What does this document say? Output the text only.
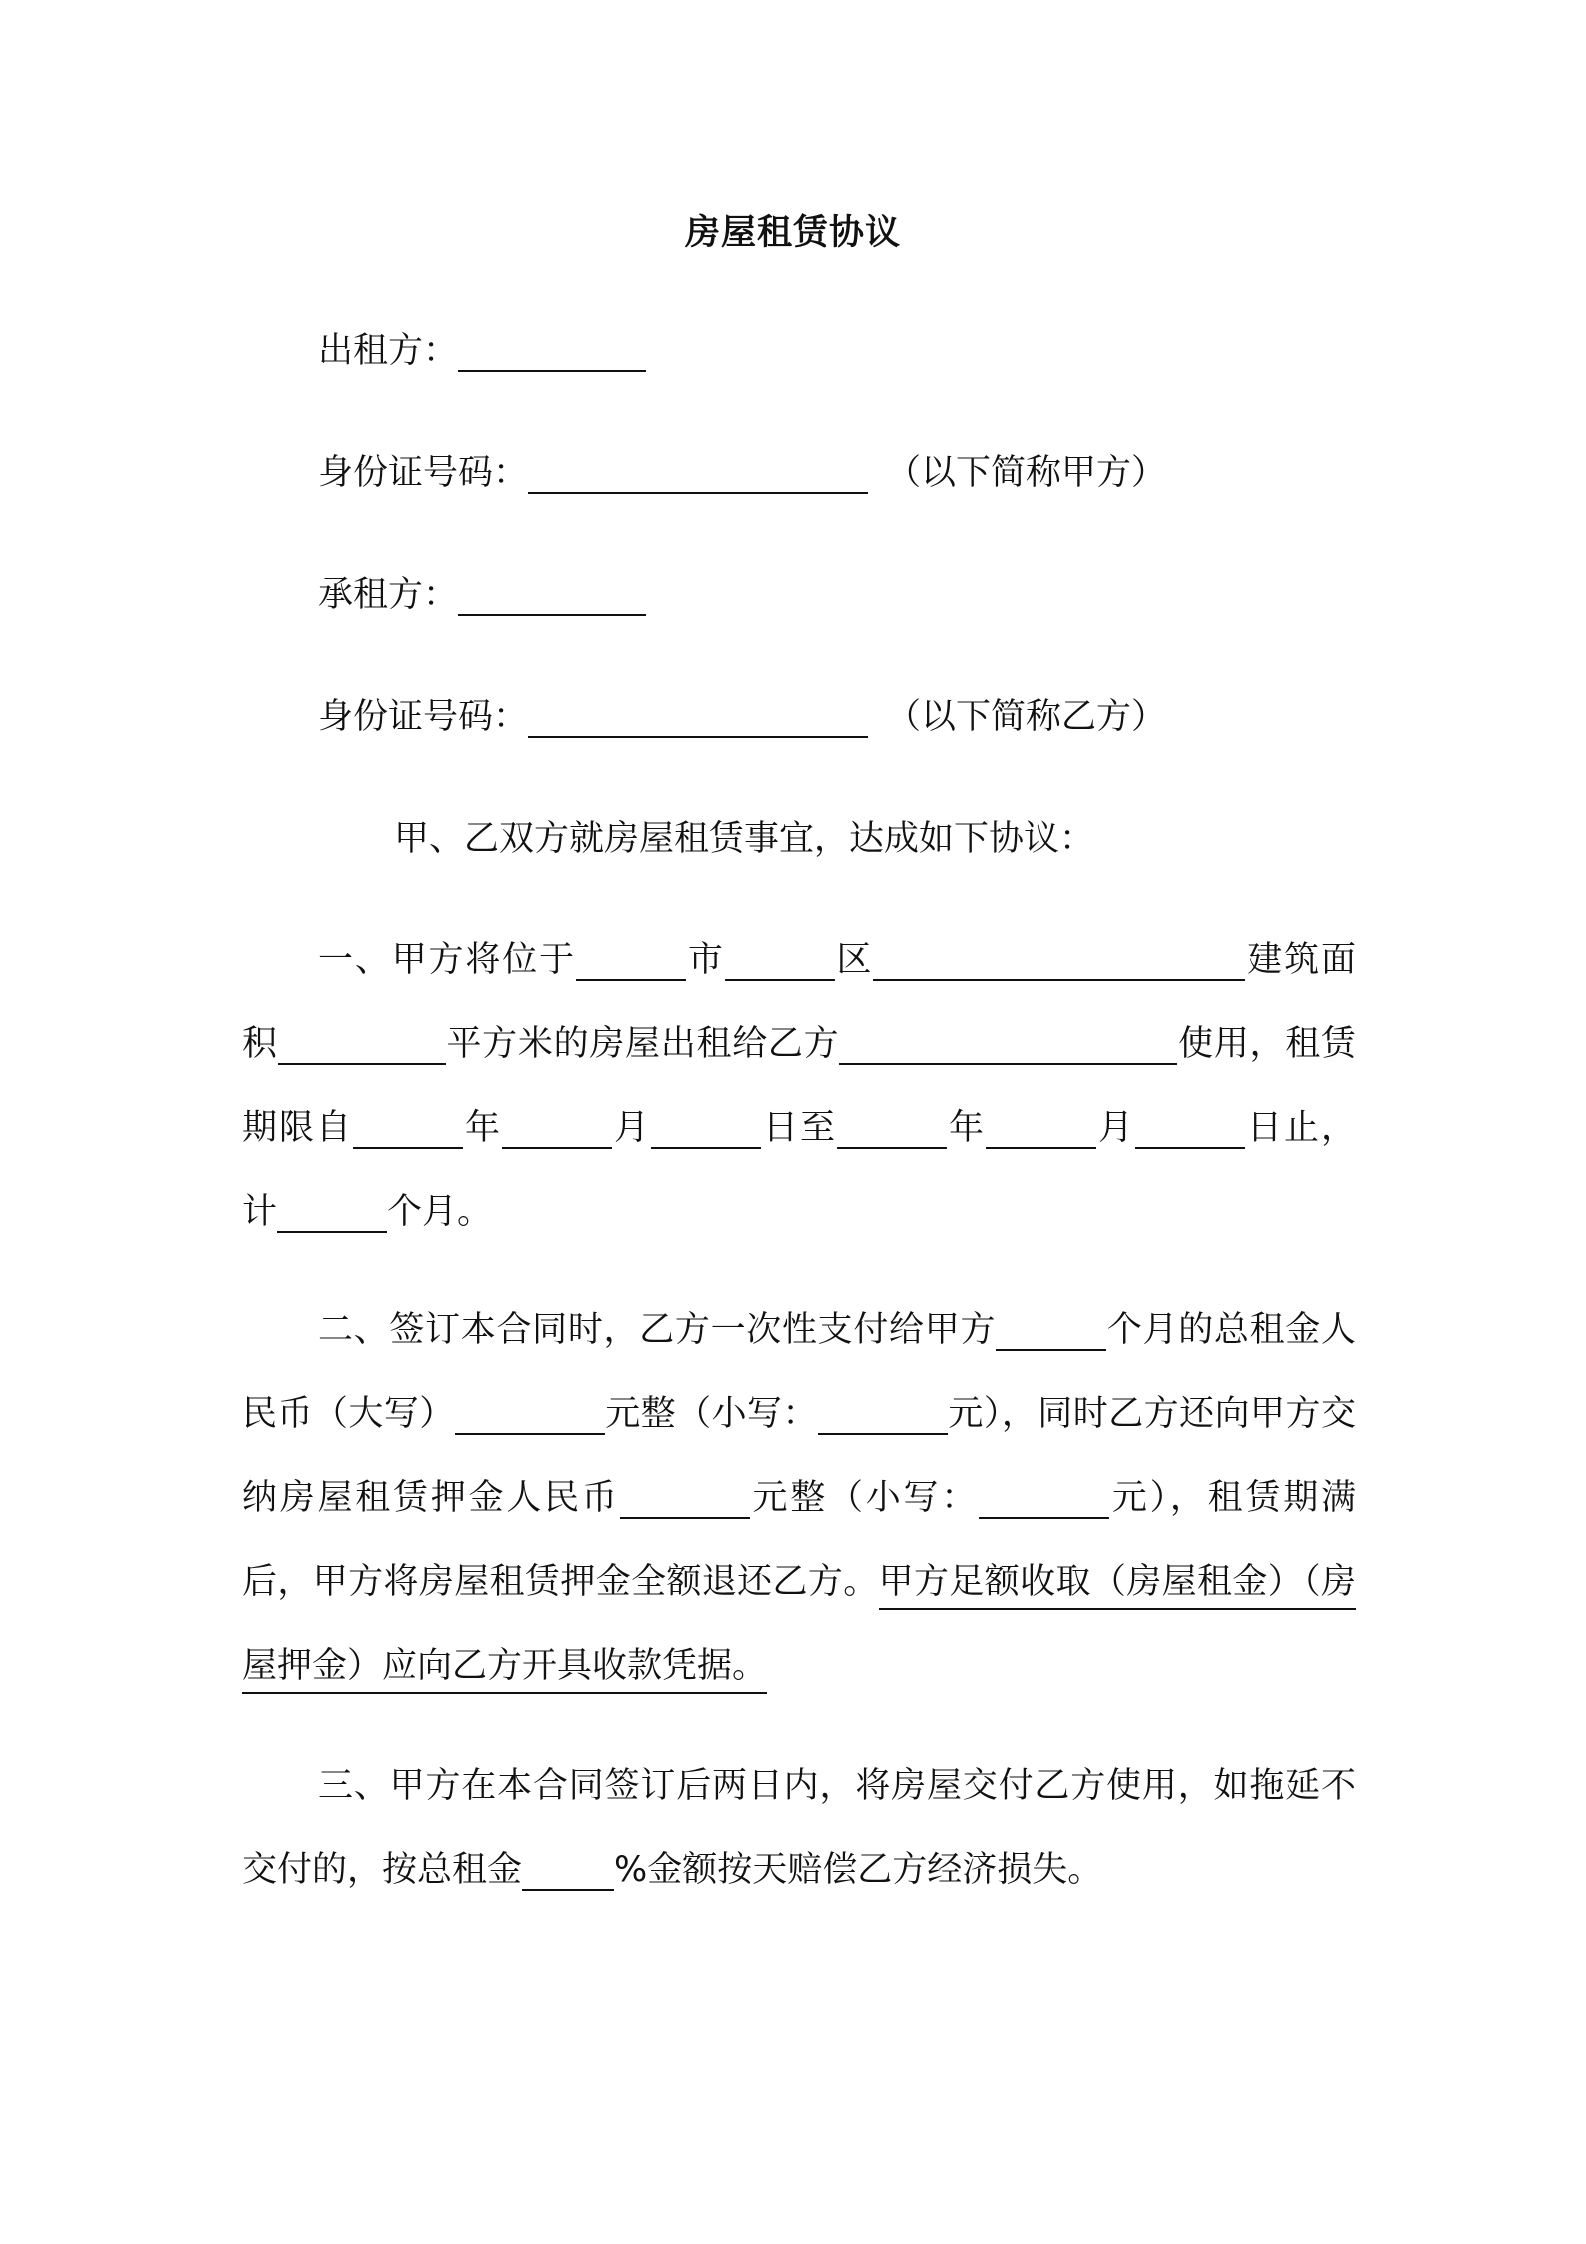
房屋租赁协议
出租方：
身份证号码：	（以下简称甲方）
承租方：
身份证号码：	（以下简称乙方）
甲、乙双方就房屋租赁事宜，达成如下协议：
一、甲方将位于	市	区	建筑面积	平方米的房屋出租给乙方	使用，租赁期限自	年	月	日至	年	月	日止，计	个月。
二、签订本合同时，乙方一次性支付给甲方	个月的总租金人民币（大写）	元整（小写：	元），同时乙方还向甲方交纳房屋租赁押金人民币	元整（小写：	元），租赁期满后，甲方将房屋租赁押金全额退还乙方。甲方足额收取（房屋租金）（房屋押金）应向乙方开具收款凭据。
三、甲方在本合同签订后两日内，将房屋交付乙方使用，如拖延不交付的，按总租金	%金额按天赔偿乙方经济损失。
